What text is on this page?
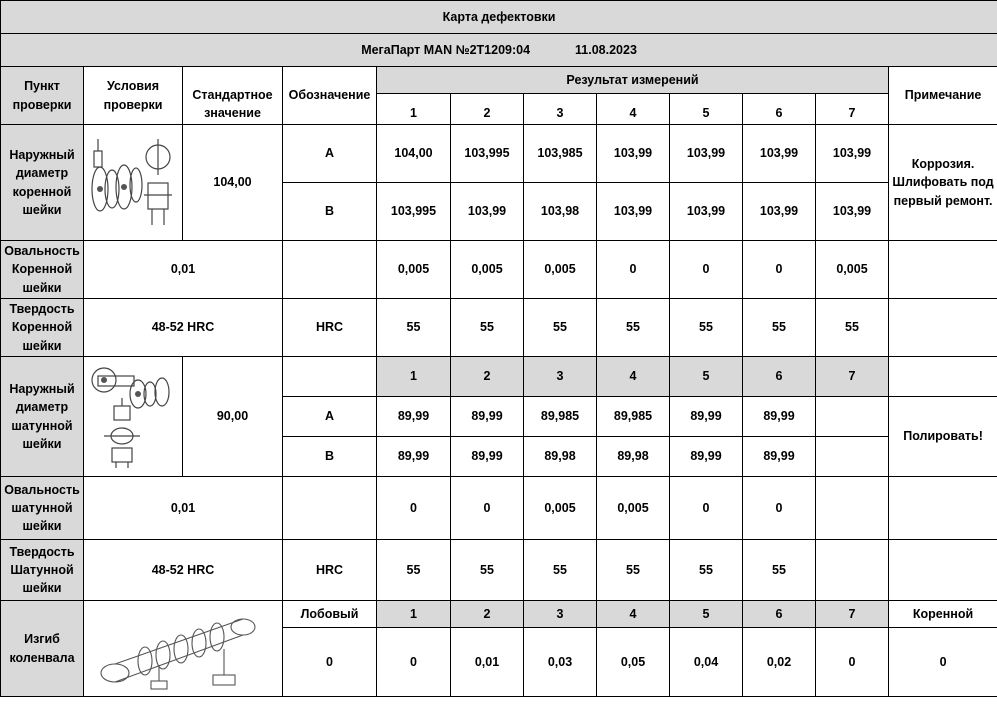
Карта дефектовки											
МегаПарт MAN №2Т1209:04 11.08.2023											
Пункт проверки	Условия проверки	Стандартное значение	Обозначение	Результат измерений							Примечание
				1	2	3	4	5	6	7	
Наружный диаметр коренной шейки		104,00	A	104,00	103,995	103,985	103,99	103,99	103,99	103,99	Коррозия. Шлифовать под первый ремонт.
			B	103,995	103,99	103,98	103,99	103,99	103,99	103,99	
Овальность Коренной шейки	0,01			0,005	0,005	0,005	0	0	0	0,005	
Твердость Коренной шейки	48-52 HRC		HRC	55	55	55	55	55	55	55	
Наружный диаметр шатунной шейки		90,00		1	2	3	4	5	6	7	
			A	89,99	89,99	89,985	89,985	89,99	89,99		Полировать!
			B	89,99	89,99	89,98	89,98	89,99	89,99		
Овальность шатунной шейки	0,01			0	0	0,005	0,005	0	0		
Твердость Шатунной шейки	48-52 HRC		HRC	55	55	55	55	55	55		
Изгиб коленвала			Лобовый	1	2	3	4	5	6	7	Коренной
			0	0	0,01	0,03	0,05	0,04	0,02	0	0
